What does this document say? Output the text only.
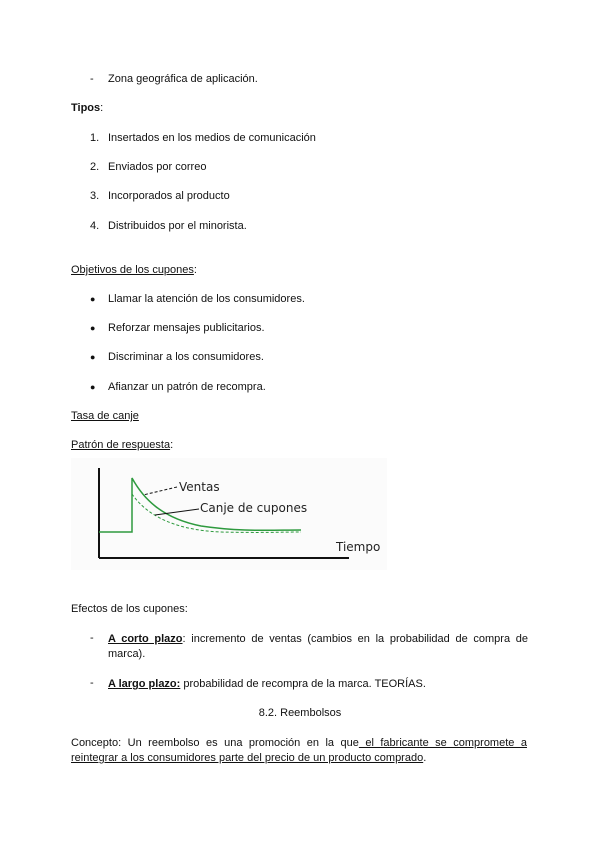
- Zona geográfica de aplicación.
Tipos:
1. Insertados en los medios de comunicación
2. Enviados por correo
3. Incorporados al producto
4. Distribuidos por el minorista.
Objetivos de los cupones:
● Llamar la atención de los consumidores.
● Reforzar mensajes publicitarios.
● Discriminar a los consumidores.
● Afianzar un patrón de recompra.
Tasa de canje
Patrón de respuesta:
Ventas
Canje de cupones
Tiempo
Efectos de los cupones:
- A corto plazo: incremento de ventas (cambios en la probabilidad de compra de marca).
- A largo plazo: probabilidad de recompra de la marca. TEORÍAS.
8.2. Reembolsos
Concepto: Un reembolso es una promoción en la que el fabricante se compromete a reintegrar a los consumidores parte del precio de un producto comprado.
